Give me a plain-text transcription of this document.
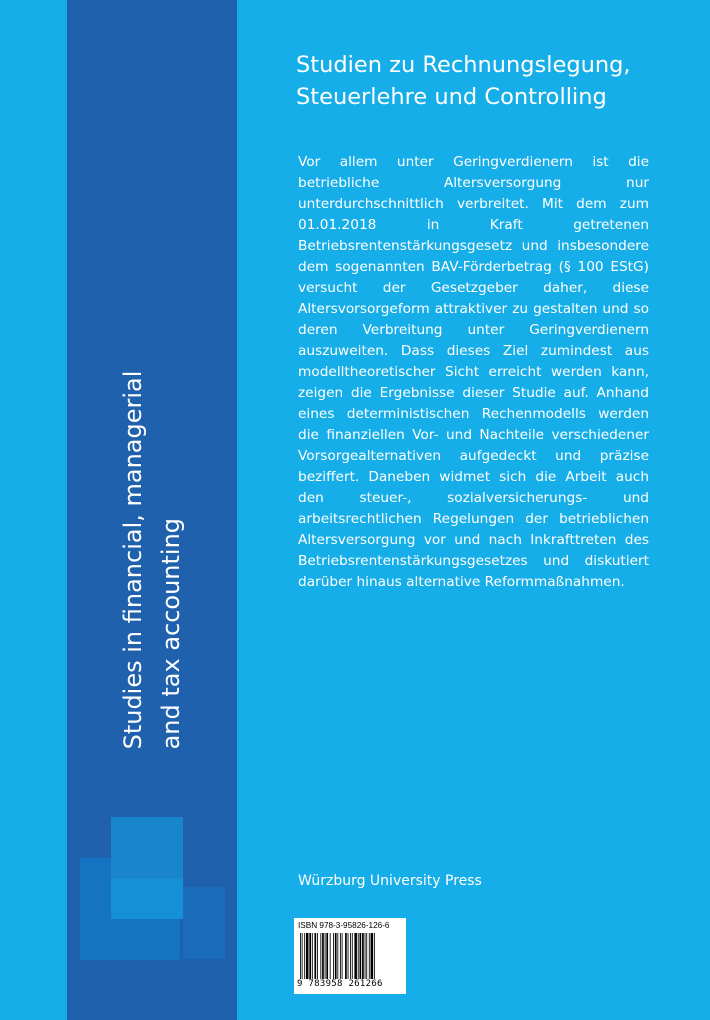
Studies in financial, managerial and tax accounting
Studien zu Rechnungslegung,
Steuerlehre und Controlling

Vor allem unter Geringverdienern ist die betriebliche Altersversorgung nur unterdurchschnittlich verbreitet. Mit dem zum 01.01.2018 in Kraft getretenen Betriebsrentenstärkungsgesetz und insbesondere dem sogenannten BAV-Förderbetrag (§ 100 EStG) versucht der Gesetzgeber daher, diese Altersvorsorgeform attraktiver zu gestalten und so deren Verbreitung unter Geringverdienern auszuweiten. Dass dieses Ziel zumindest aus modelltheoretischer Sicht erreicht werden kann, zeigen die Ergebnisse dieser Studie auf. Anhand eines deterministischen Rechenmodells werden die finanziellen Vor- und Nachteile verschiedener Vorsorgealternativen aufgedeckt und präzise beziffert. Daneben widmet sich die Arbeit auch den steuer-, sozialversicherungs- und arbeitsrechtlichen Regelungen der betrieblichen Altersversorgung vor und nach Inkrafttreten des Betriebsrentenstärkungsgesetzes und diskutiert darüber hinaus alternative Reformmaßnahmen.

Würzburg University Press
ISBN 978-3-95826-126-6
9 783958 261266
